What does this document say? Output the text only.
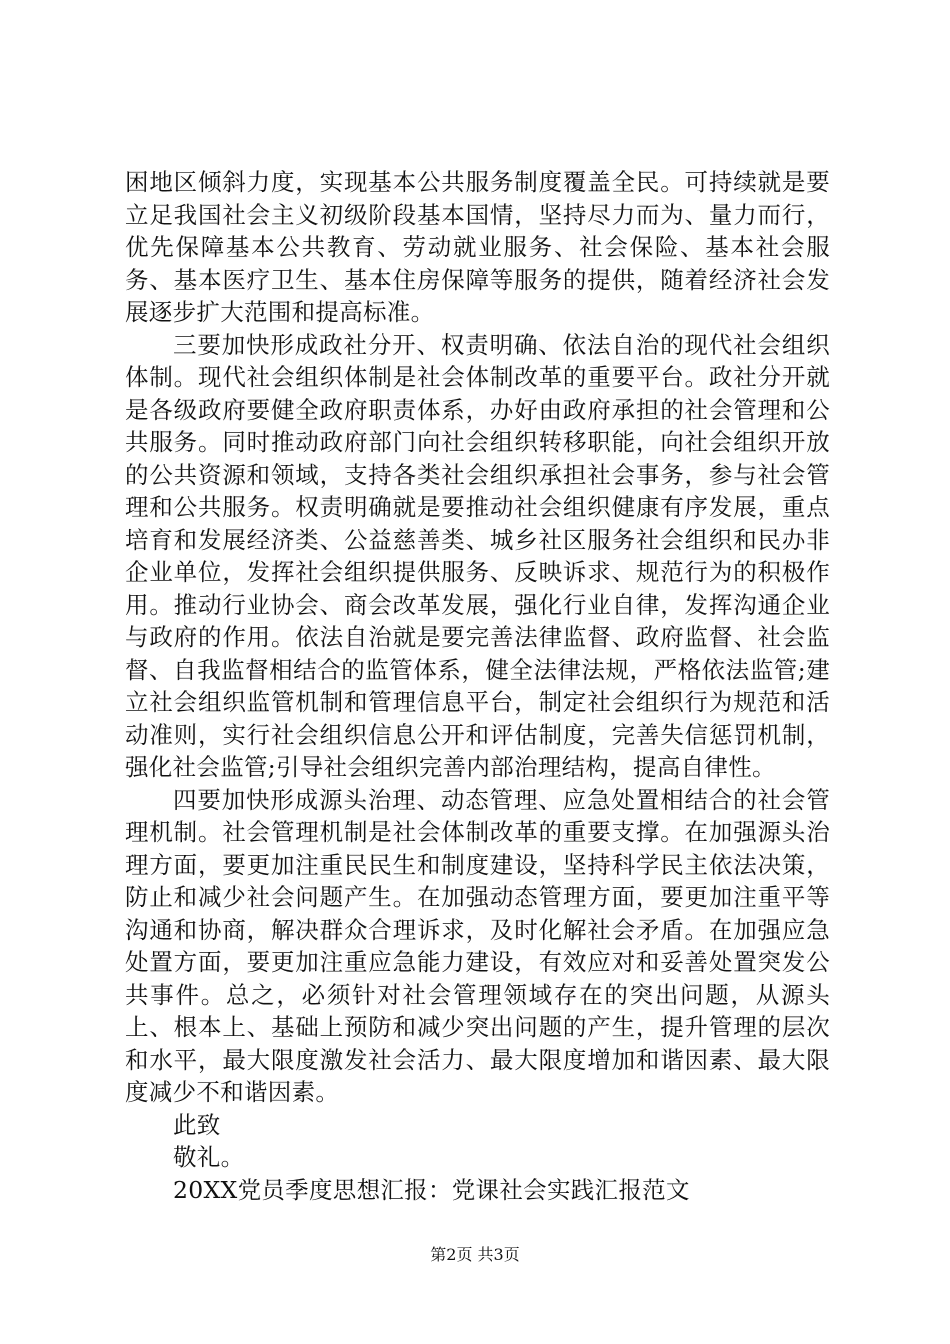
困地区倾斜力度，实现基本公共服务制度覆盖全民。可持续就是要立足我国社会主义初级阶段基本国情，坚持尽力而为、量力而行，优先保障基本公共教育、劳动就业服务、社会保险、基本社会服务、基本医疗卫生、基本住房保障等服务的提供，随着经济社会发展逐步扩大范围和提高标准。

三要加快形成政社分开、权责明确、依法自治的现代社会组织体制。现代社会组织体制是社会体制改革的重要平台。政社分开就是各级政府要健全政府职责体系，办好由政府承担的社会管理和公共服务。同时推动政府部门向社会组织转移职能，向社会组织开放的公共资源和领域，支持各类社会组织承担社会事务，参与社会管理和公共服务。权责明确就是要推动社会组织健康有序发展，重点培育和发展经济类、公益慈善类、城乡社区服务社会组织和民办非企业单位，发挥社会组织提供服务、反映诉求、规范行为的积极作用。推动行业协会、商会改革发展，强化行业自律，发挥沟通企业与政府的作用。依法自治就是要完善法律监督、政府监督、社会监督、自我监督相结合的监管体系，健全法律法规，严格依法监管;建立社会组织监管机制和管理信息平台，制定社会组织行为规范和活动准则，实行社会组织信息公开和评估制度，完善失信惩罚机制，强化社会监管;引导社会组织完善内部治理结构，提高自律性。

四要加快形成源头治理、动态管理、应急处置相结合的社会管理机制。社会管理机制是社会体制改革的重要支撑。在加强源头治理方面，要更加注重民民生和制度建设，坚持科学民主依法决策，防止和减少社会问题产生。在加强动态管理方面，要更加注重平等沟通和协商，解决群众合理诉求，及时化解社会矛盾。在加强应急处置方面，要更加注重应急能力建设，有效应对和妥善处置突发公共事件。总之，必须针对社会管理领域存在的突出问题，从源头上、根本上、基础上预防和减少突出问题的产生，提升管理的层次和水平，最大限度激发社会活力、最大限度增加和谐因素、最大限度减少不和谐因素。

此致

敬礼。

20XX党员季度思想汇报：党课社会实践汇报范文

第2页 共3页
